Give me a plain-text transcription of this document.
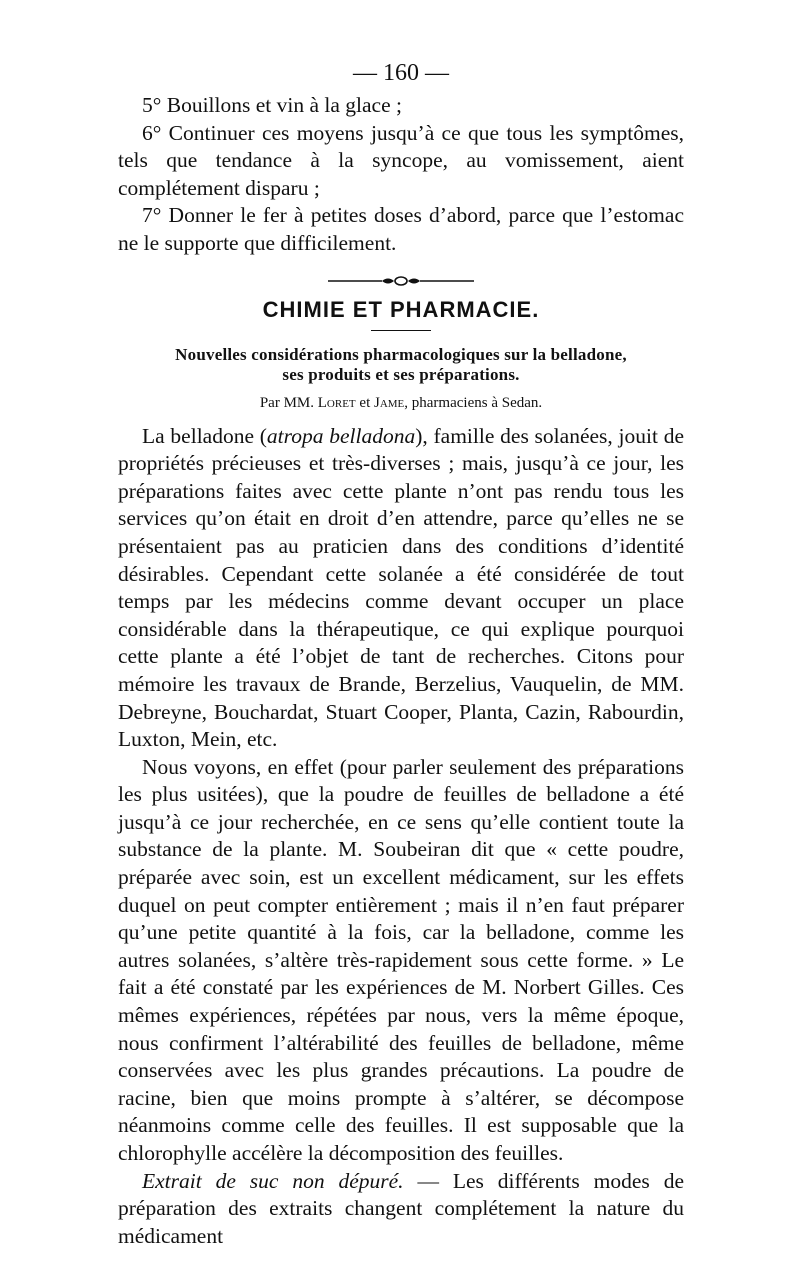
— 160 —

5° Bouillons et vin à la glace ;

6° Continuer ces moyens jusqu’à ce que tous les symptômes, tels que tendance à la syncope, au vomissement, aient complétement disparu ;

7° Donner le fer à petites doses d’abord, parce que l’estomac ne le supporte que difficilement.

CHIMIE ET PHARMACIE.
Nouvelles considérations pharmacologiques sur la belladone,
ses produits et ses préparations.
Par MM. Loret et Jame, pharmaciens à Sedan.

La belladone (atropa belladona), famille des solanées, jouit de propriétés précieuses et très-diverses ; mais, jusqu’à ce jour, les préparations faites avec cette plante n’ont pas rendu tous les services qu’on était en droit d’en attendre, parce qu’elles ne se présentaient pas au praticien dans des conditions d’identité désirables. Cependant cette solanée a été considérée de tout temps par les médecins comme devant occuper un place considérable dans la thérapeutique, ce qui explique pourquoi cette plante a été l’objet de tant de recherches. Citons pour mémoire les travaux de Brande, Berzelius, Vauquelin, de MM. Debreyne, Bouchardat, Stuart Cooper, Planta, Cazin, Rabourdin, Luxton, Mein, etc.

Nous voyons, en effet (pour parler seulement des préparations les plus usitées), que la poudre de feuilles de belladone a été jusqu’à ce jour recherchée, en ce sens qu’elle contient toute la substance de la plante. M. Soubeiran dit que « cette poudre, préparée avec soin, est un excellent médicament, sur les effets duquel on peut compter entièrement ; mais il n’en faut préparer qu’une petite quantité à la fois, car la belladone, comme les autres solanées, s’altère très-rapidement sous cette forme. » Le fait a été constaté par les expériences de M. Norbert Gilles. Ces mêmes expériences, répétées par nous, vers la même époque, nous confirment l’altérabilité des feuilles de belladone, même conservées avec les plus grandes précautions. La poudre de racine, bien que moins prompte à s’altérer, se décompose néanmoins comme celle des feuilles. Il est supposable que la chlorophylle accélère la décomposition des feuilles.

Extrait de suc non dépuré. — Les différents modes de préparation des extraits changent complétement la nature du médicament
